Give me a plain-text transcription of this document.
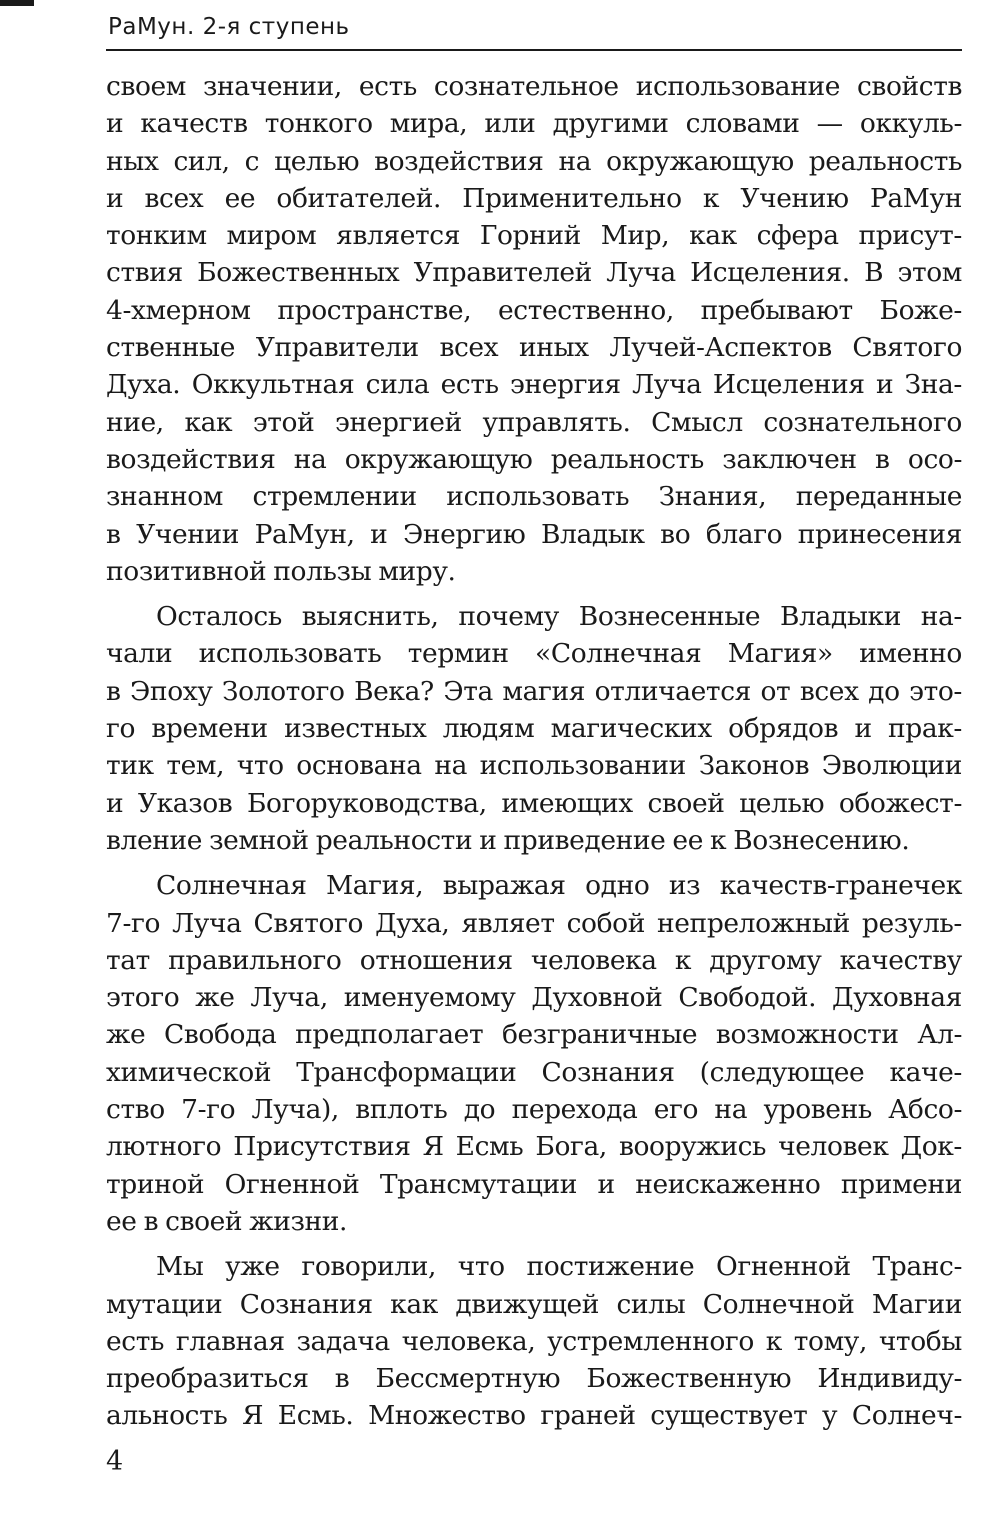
РаМун. 2-я ступень
своем значении, есть сознательное использование свойств
и качеств тонкого мира, или другими словами — оккуль-
ных сил, с целью воздействия на окружающую реальность
и всех ее обитателей. Применительно к Учению РаМун
тонким миром является Горний Мир, как сфера присут-
ствия Божественных Управителей Луча Исцеления. В этом
4-хмерном пространстве, естественно, пребывают Боже-
ственные Управители всех иных Лучей-Аспектов Святого
Духа. Оккультная сила есть энергия Луча Исцеления и Зна-
ние, как этой энергией управлять. Смысл сознательного
воздействия на окружающую реальность заключен в осо-
знанном стремлении использовать Знания, переданные
в Учении РаМун, и Энергию Владык во благо принесения
позитивной пользы миру.
Осталось выяснить, почему Вознесенные Владыки на-
чали использовать термин «Солнечная Магия» именно
в Эпоху Золотого Века? Эта магия отличается от всех до это-
го времени известных людям магических обрядов и прак-
тик тем, что основана на использовании Законов Эволюции
и Указов Богоруководства, имеющих своей целью обожест-
вление земной реальности и приведение ее к Вознесению.
Солнечная Магия, выражая одно из качеств-гранечек
7-го Луча Святого Духа, являет собой непреложный резуль-
тат правильного отношения человека к другому качеству
этого же Луча, именуемому Духовной Свободой. Духовная
же Свобода предполагает безграничные возможности Ал-
химической Трансформации Сознания (следующее каче-
ство 7-го Луча), вплоть до перехода его на уровень Абсо-
лютного Присутствия Я Есмь Бога, вооружись человек Док-
триной Огненной Трансмутации и неискаженно примени
ее в своей жизни.
Мы уже говорили, что постижение Огненной Транс-
мутации Сознания как движущей силы Солнечной Магии
есть главная задача человека, устремленного к тому, чтобы
преобразиться в Бессмертную Божественную Индивиду-
альность Я Есмь. Множество граней существует у Солнеч-
4
